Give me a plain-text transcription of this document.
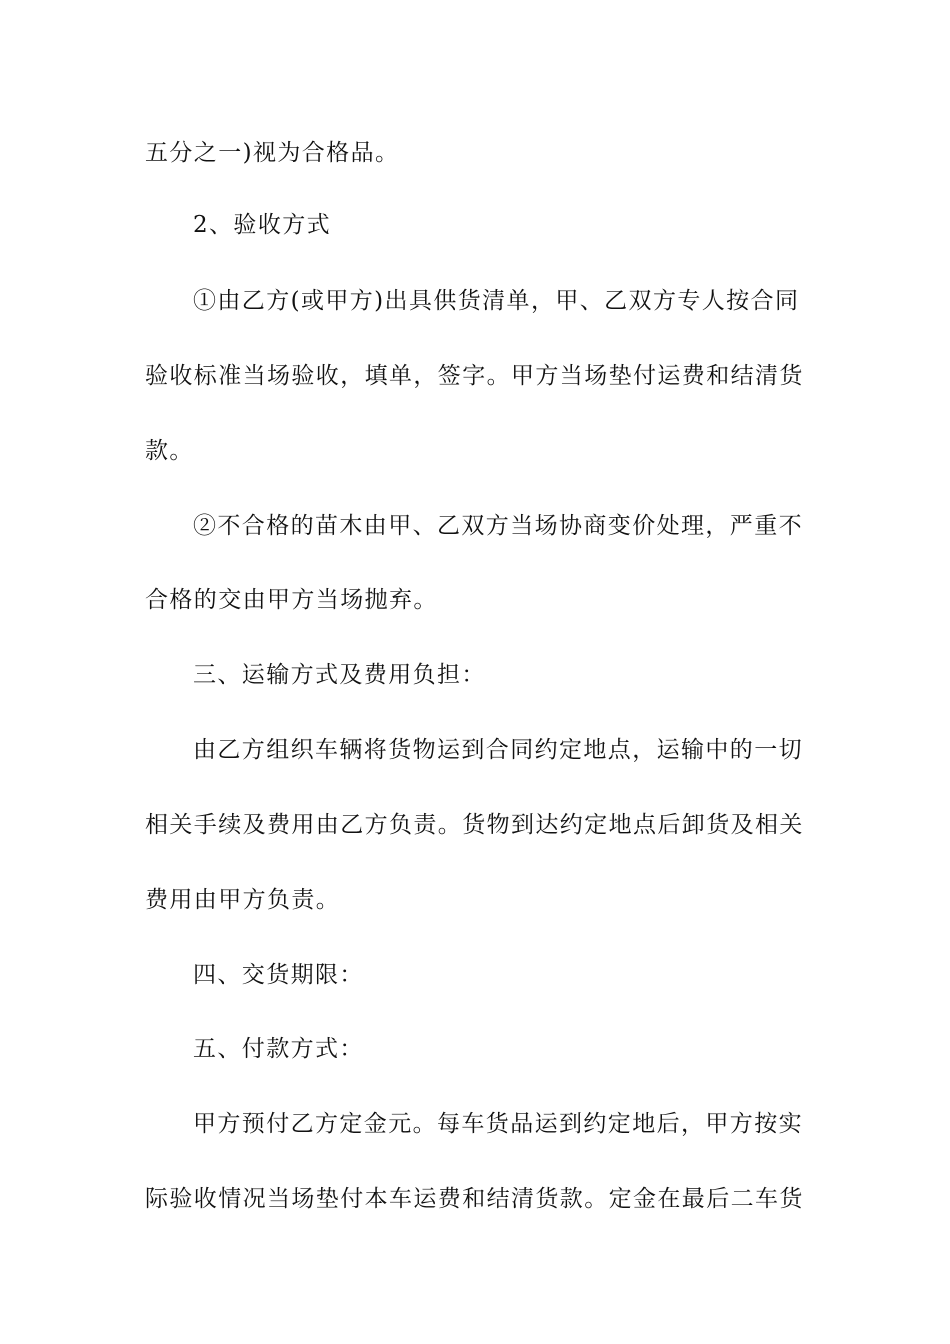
五分之一)视为合格品。
2、验收方式
①由乙方(或甲方)出具供货清单，甲、乙双方专人按合同
验收标准当场验收，填单，签字。甲方当场垫付运费和结清货
款。
②不合格的苗木由甲、乙双方当场协商变价处理，严重不
合格的交由甲方当场抛弃。
三、运输方式及费用负担：
由乙方组织车辆将货物运到合同约定地点，运输中的一切
相关手续及费用由乙方负责。货物到达约定地点后卸货及相关
费用由甲方负责。
四、交货期限：
五、付款方式：
甲方预付乙方定金元。每车货品运到约定地后，甲方按实
际验收情况当场垫付本车运费和结清货款。定金在最后二车货
